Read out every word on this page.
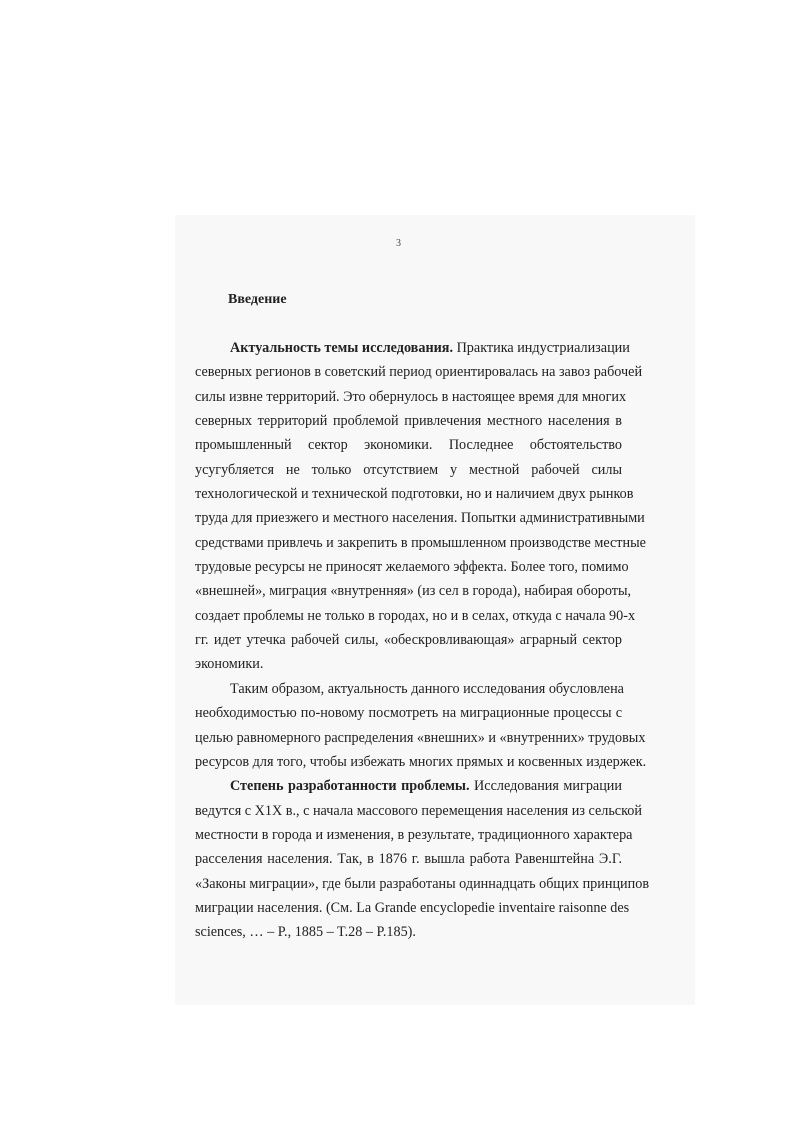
3
Введение
Актуальность темы исследования. Практика индустриализации
северных регионов в советский период ориентировалась на завоз рабочей
силы извне территорий. Это обернулось в настоящее время для многих
северных территорий проблемой привлечения местного населения в
промышленный сектор экономики. Последнее обстоятельство
усугубляется не только отсутствием у местной рабочей силы
технологической и технической подготовки, но и наличием двух рынков
труда для приезжего и местного населения. Попытки административными
средствами привлечь и закрепить в промышленном производстве местные
трудовые ресурсы не приносят желаемого эффекта. Более того, помимо
«внешней», миграция «внутренняя» (из сел в города), набирая обороты,
создает проблемы не только в городах, но и в селах, откуда с начала 90-х
гг. идет утечка рабочей силы, «обескровливающая» аграрный сектор
экономики.
Таким образом, актуальность данного исследования обусловлена
необходимостью по-новому посмотреть на миграционные процессы с
целью равномерного распределения «внешних» и «внутренних» трудовых
ресурсов для того, чтобы избежать многих прямых и косвенных издержек.
Степень разработанности проблемы. Исследования миграции
ведутся с Х1Х в., с начала массового перемещения населения из сельской
местности в города и изменения, в результате, традиционного характера
расселения населения. Так, в 1876 г. вышла работа Равенштейна Э.Г.
«Законы миграции», где были разработаны одиннадцать общих принципов
миграции населения. (См. La Grande encyclopedie inventaire raisonne des
sciences, … – P., 1885 – T.28 – P.185).
